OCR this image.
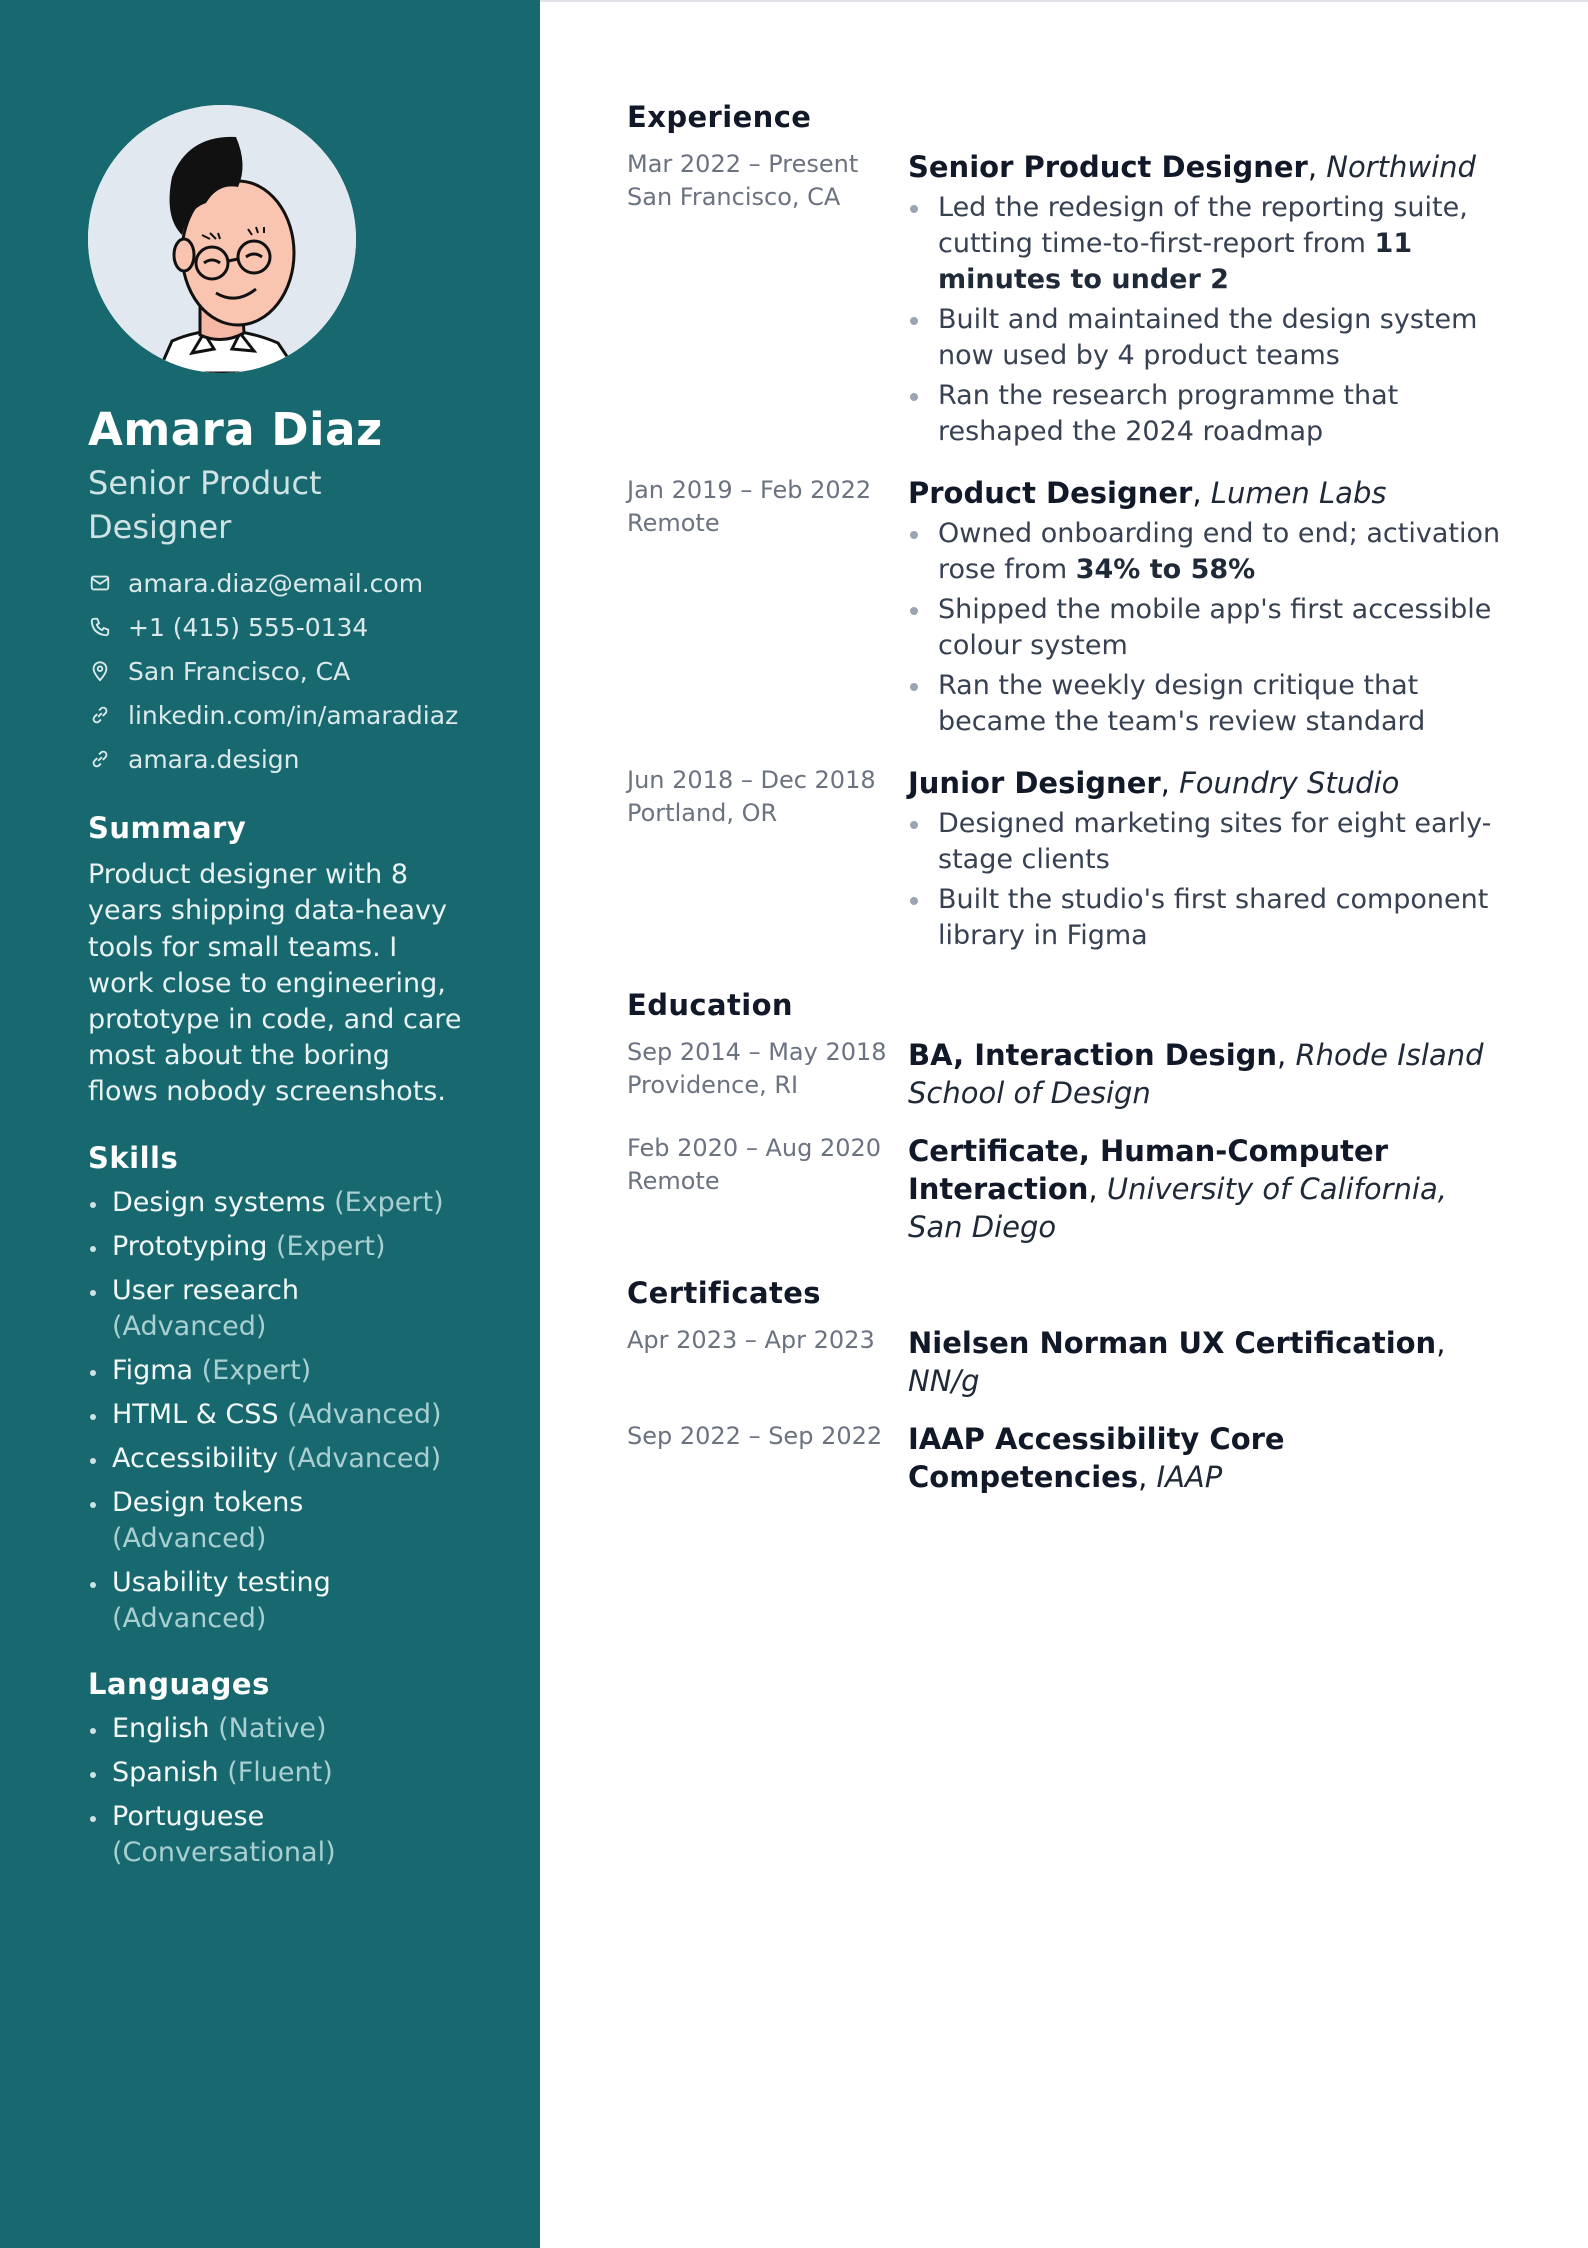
Amara Diaz
Senior Product Designer
amara.diaz@email.com
+1 (415) 555-0134
San Francisco, CA
linkedin.com/in/amaradiaz
amara.design
Summary

Product designer with 8 years shipping data-heavy tools for small teams. I work close to engineering, prototype in code, and care most about the boring flows nobody screenshots.

Skills
Design systems (Expert)
Prototyping (Expert)
User research (Advanced)
Figma (Expert)
HTML & CSS (Advanced)
Accessibility (Advanced)
Design tokens (Advanced)
Usability testing (Advanced)
Languages
English (Native)
Spanish (Fluent)
Portuguese (Conversational)
Experience
Mar 2022 – Present
San Francisco, CA
Senior Product Designer, Northwind
Led the redesign of the reporting suite, cutting time-to-first-report from 11 minutes to under 2
Built and maintained the design system now used by 4 product teams
Ran the research programme that reshaped the 2024 roadmap
Jan 2019 – Feb 2022
Remote
Product Designer, Lumen Labs
Owned onboarding end to end; activation rose from 34% to 58%
Shipped the mobile app's first accessible colour system
Ran the weekly design critique that became the team's review standard
Jun 2018 – Dec 2018
Portland, OR
Junior Designer, Foundry Studio
Designed marketing sites for eight early-stage clients
Built the studio's first shared component library in Figma
Education
Sep 2014 – May 2018
Providence, RI
BA, Interaction Design, Rhode Island School of Design
Feb 2020 – Aug 2020
Remote
Certificate, Human-Computer Interaction, University of California, San Diego
Certificates
Apr 2023 – Apr 2023	Nielsen Norman UX Certification, NN/g
Sep 2022 – Sep 2022 IAAP Accessibility Core Competencies, IAAP
